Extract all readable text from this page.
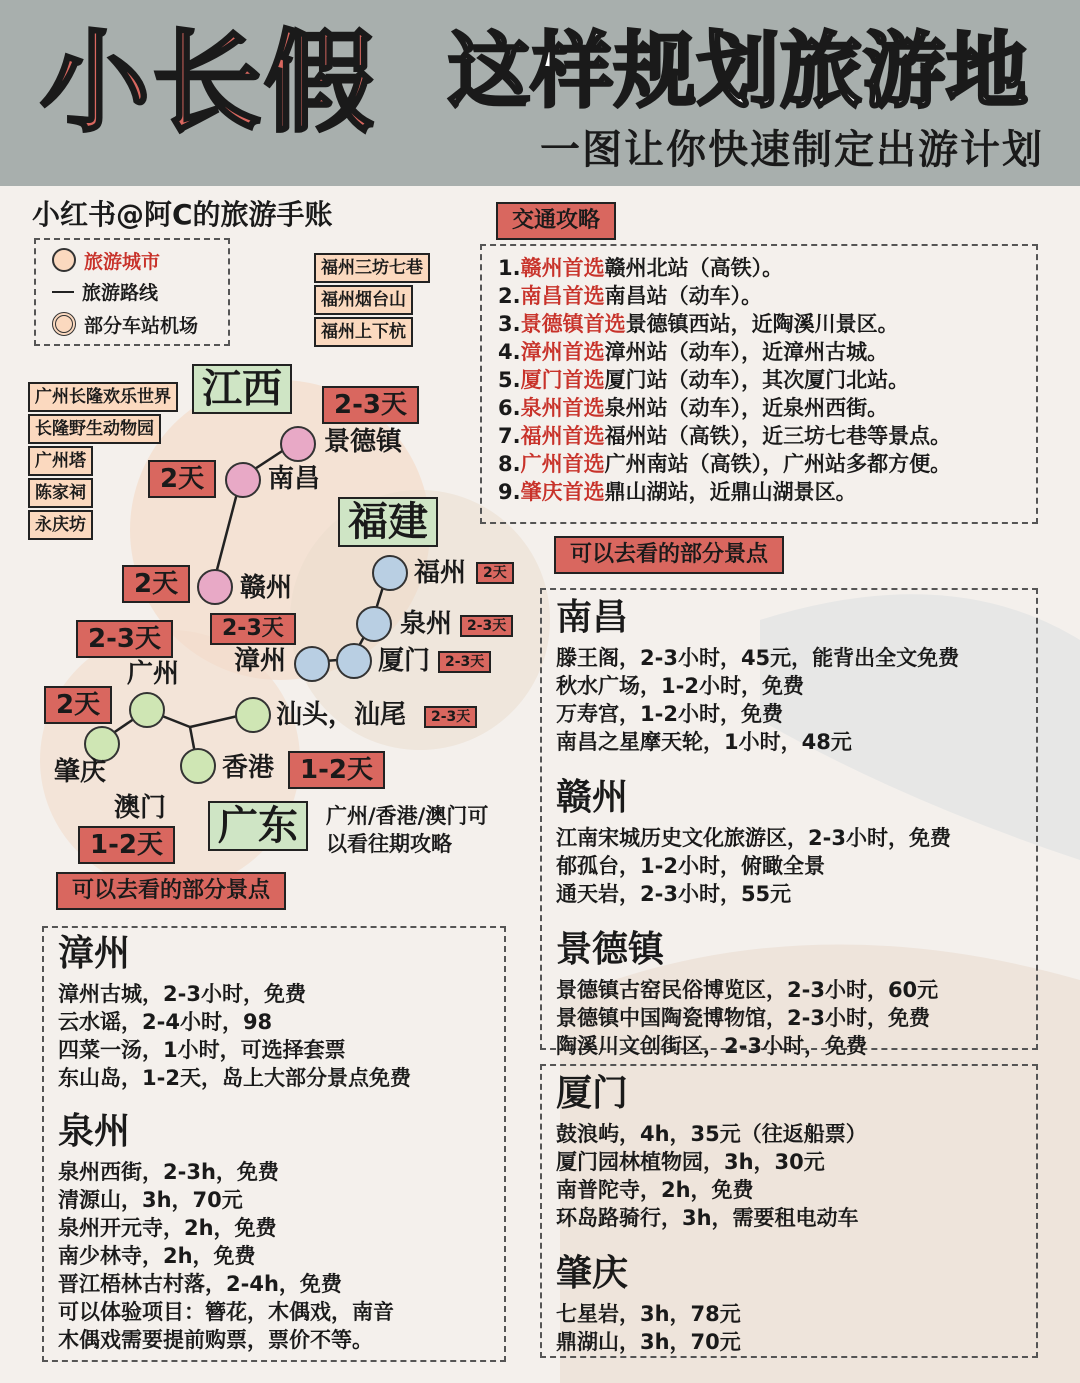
小长假 这样规划旅游地
一图让你快速制定出游计划
小红书@阿C的旅游手账
旅游城市
旅游路线
部分车站机场
福州三坊七巷
福州烟台山
福州上下杭
广州长隆欢乐世界
长隆野生动物园
广州塔
陈家祠
永庆坊
江西
福建
广东
景德镇
南昌
赣州	福州
泉州
厦门
漳州
广州
汕头，汕尾
肇庆	香港
澳门
2-3天
2天
2天	2天
2-3天
2-3天
2-3天
2-3天
2天	2-3天
1-2天
1-2天
广州/香港/澳门可
以看往期攻略
交通攻略
1.赣州首选赣州北站（高铁）。
2.南昌首选南昌站（动车）。
3.景德镇首选景德镇西站，近陶溪川景区。
4.漳州首选漳州站（动车），近漳州古城。
5.厦门首选厦门站（动车），其次厦门北站。
6.泉州首选泉州站（动车），近泉州西街。
7.福州首选福州站（高铁），近三坊七巷等景点。
8.广州首选广州南站（高铁），广州站多都方便。
9.肇庆首选鼎山湖站，近鼎山湖景区。
可以去看的部分景点
南昌
滕王阁，2-3小时，45元，能背出全文免费
秋水广场，1-2小时，免费
万寿宫，1-2小时，免费
南昌之星摩天轮，1小时，48元
赣州
江南宋城历史文化旅游区，2-3小时，免费
郁孤台，1-2小时，俯瞰全景
通天岩，2-3小时，55元
景德镇
景德镇古窑民俗博览区，2-3小时，60元
景德镇中国陶瓷博物馆，2-3小时，免费
陶溪川文创街区，2-3小时，免费
厦门
鼓浪屿，4h，35元（往返船票）
厦门园林植物园，3h，30元
南普陀寺，2h，免费
环岛路骑行，3h，需要租电动车
肇庆
七星岩，3h，78元
鼎湖山，3h，70元
可以去看的部分景点
漳州
漳州古城，2-3小时，免费
云水谣，2-4小时，98
四菜一汤，1小时，可选择套票
东山岛，1-2天，岛上大部分景点免费
泉州
泉州西街，2-3h，免费
清源山，3h，70元
泉州开元寺，2h，免费
南少林寺，2h，免费
晋江梧林古村落，2-4h，免费
可以体验项目：簪花，木偶戏，南音
木偶戏需要提前购票，票价不等。
